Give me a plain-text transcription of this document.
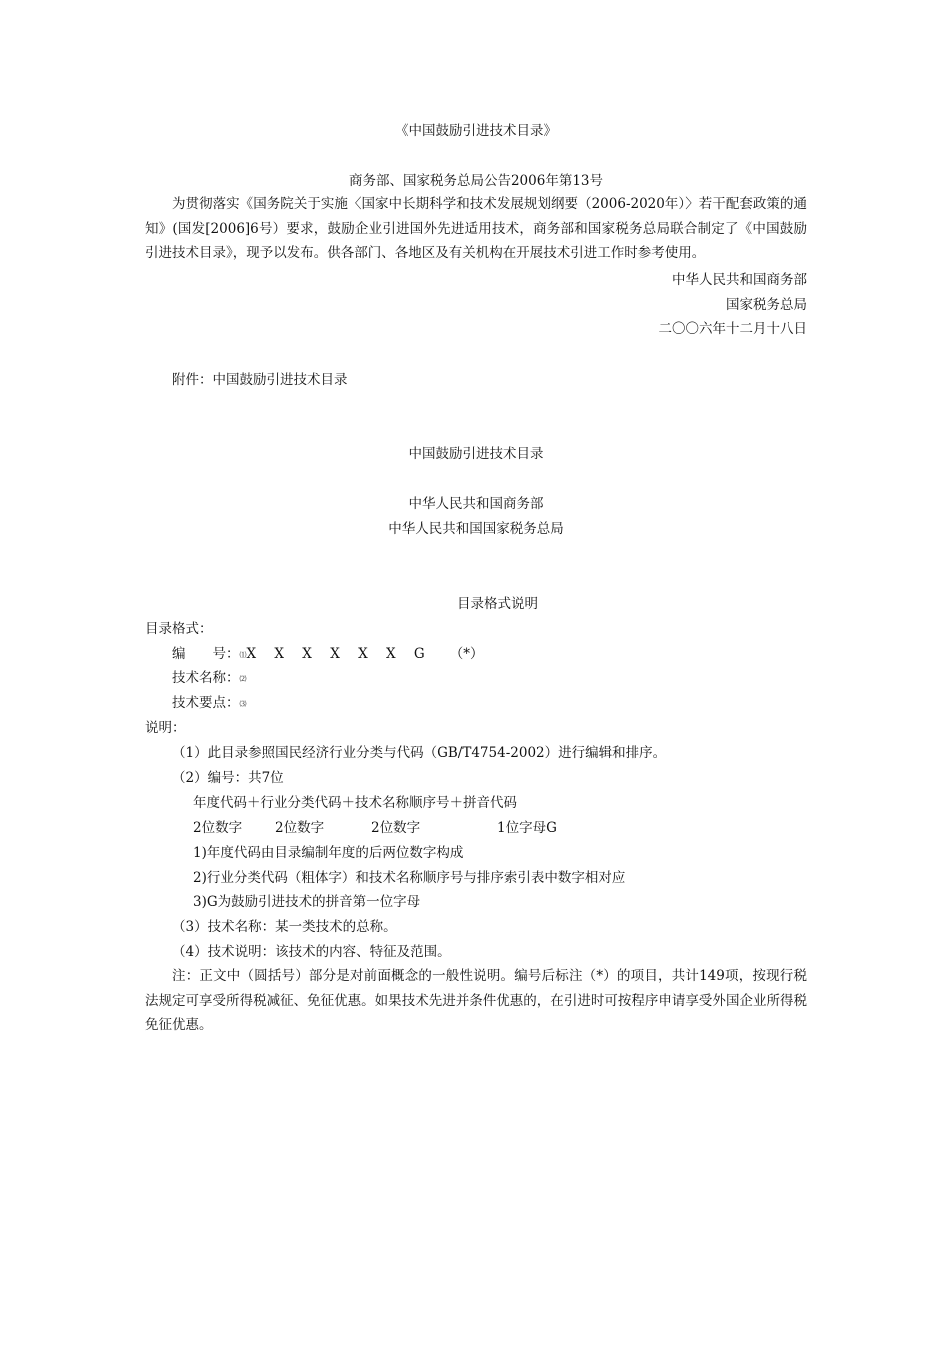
《中国鼓励引进技术目录》
商务部、国家税务总局公告2006年第13号
为贯彻落实《国务院关于实施〈国家中长期科学和技术发展规划纲要（2006-2020年）〉若干配套政策的通知》(国发[2006]6号）要求，鼓励企业引进国外先进适用技术，商务部和国家税务总局联合制定了《中国鼓励引进技术目录》，现予以发布。供各部门、各地区及有关机构在开展技术引进工作时参考使用。
中华人民共和国商务部
国家税务总局
二〇〇六年十二月十八日
附件：中国鼓励引进技术目录
中国鼓励引进技术目录
中华人民共和国商务部
中华人民共和国国家税务总局
目录格式说明
目录格式：
编　　号：⑴X X X X X X G （*）
技术名称：⑵
技术要点：⑶
说明：
（1）此目录参照国民经济行业分类与代码（GB/T4754-2002）进行编辑和排序。
（2）编号：共7位
年度代码＋行业分类代码＋技术名称顺序号＋拼音代码
2位数字 2位数字	2位数字	1位字母G
1)年度代码由目录编制年度的后两位数字构成
2)行业分类代码（粗体字）和技术名称顺序号与排序索引表中数字相对应
3)G为鼓励引进技术的拼音第一位字母
（3）技术名称：某一类技术的总称。
（4）技术说明：该技术的内容、特征及范围。
注：正文中（圆括号）部分是对前面概念的一般性说明。编号后标注（*）的项目，共计149项，按现行税法规定可享受所得税减征、免征优惠。如果技术先进并条件优惠的，在引进时可按程序申请享受外国企业所得税免征优惠。
